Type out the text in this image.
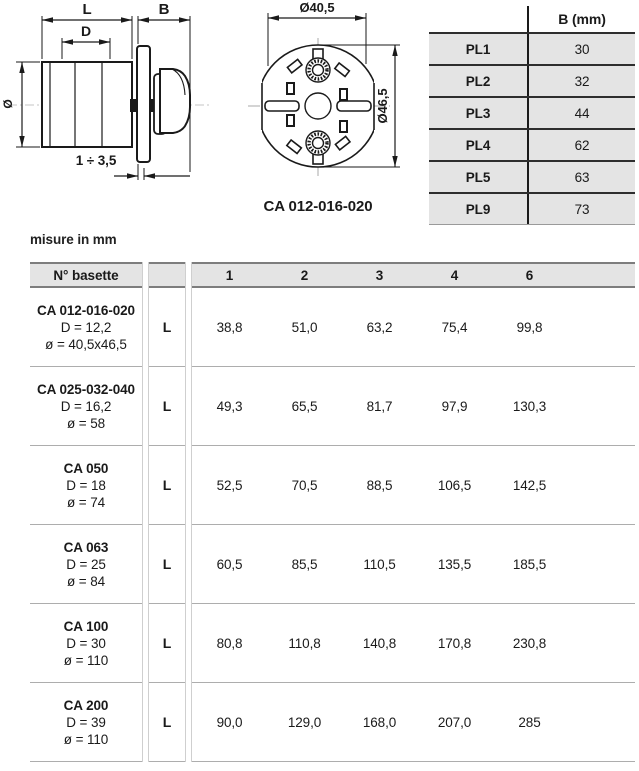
L	B
D
Ø
1 ÷ 3,5
Ø40,5
Ø46,5
CA 012-016-020
B (mm)
PL1	30
PL2	32
PL3	44
PL4	62
PL5	63
PL9	73
misure in mm
N° basette	1	2	3	4	6
CA 012-016-020
D = 12,2
ø = 40,5x46,5
L	38,8	51,0	63,2	75,4	99,8
CA 025-032-040
D = 16,2
ø = 58
L	49,3	65,5	81,7	97,9	130,3
CA 050
D = 18
ø = 74
L	52,5	70,5	88,5	106,5	142,5
CA 063
D = 25
ø = 84
L	60,5	85,5	110,5	135,5	185,5
CA 100
D = 30
ø = 110
L	80,8	110,8	140,8	170,8	230,8
CA 200
D = 39
ø = 110
L	90,0	129,0	168,0	207,0	285
